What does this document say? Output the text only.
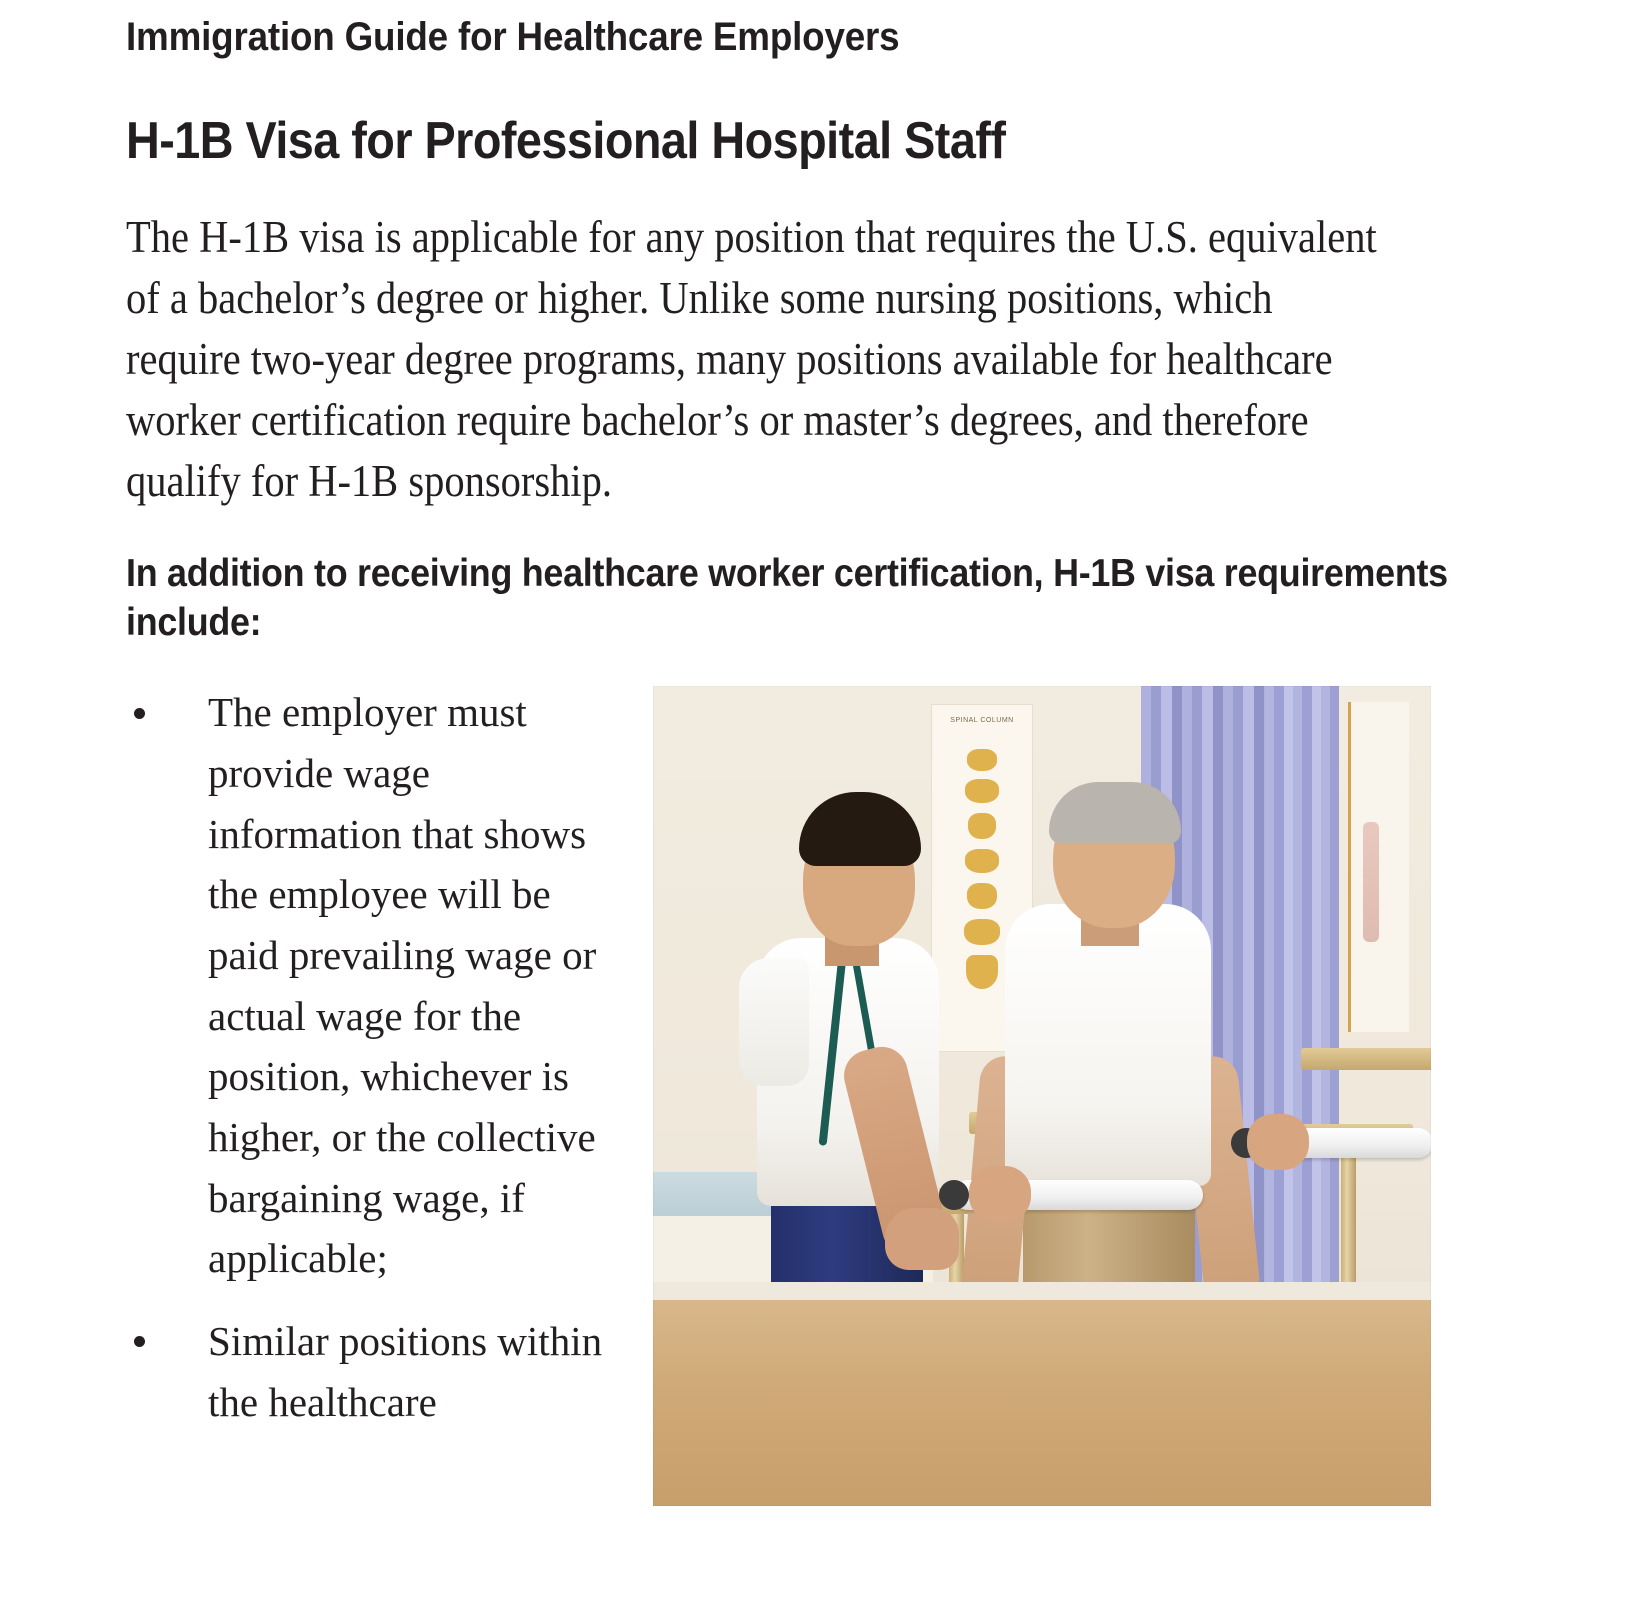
Immigration Guide for Healthcare Employers
H-1B Visa for Professional Hospital Staff

The H-1B visa is applicable for any position that requires the U.S. equivalent of a bachelor’s degree or higher. Unlike some nursing positions, which require two-year degree programs, many positions available for healthcare worker certification require bachelor’s or master’s degrees, and therefore qualify for H-1B sponsorship.

In addition to receiving healthcare worker certification, H-1B visa requirements include:

SPINAL COLUMN
The employer must provide wage information that shows the employee will be paid prevailing wage or actual wage for the position, whichever is higher, or the collective bargaining wage, if applicable;
Similar positions within the healthcare
